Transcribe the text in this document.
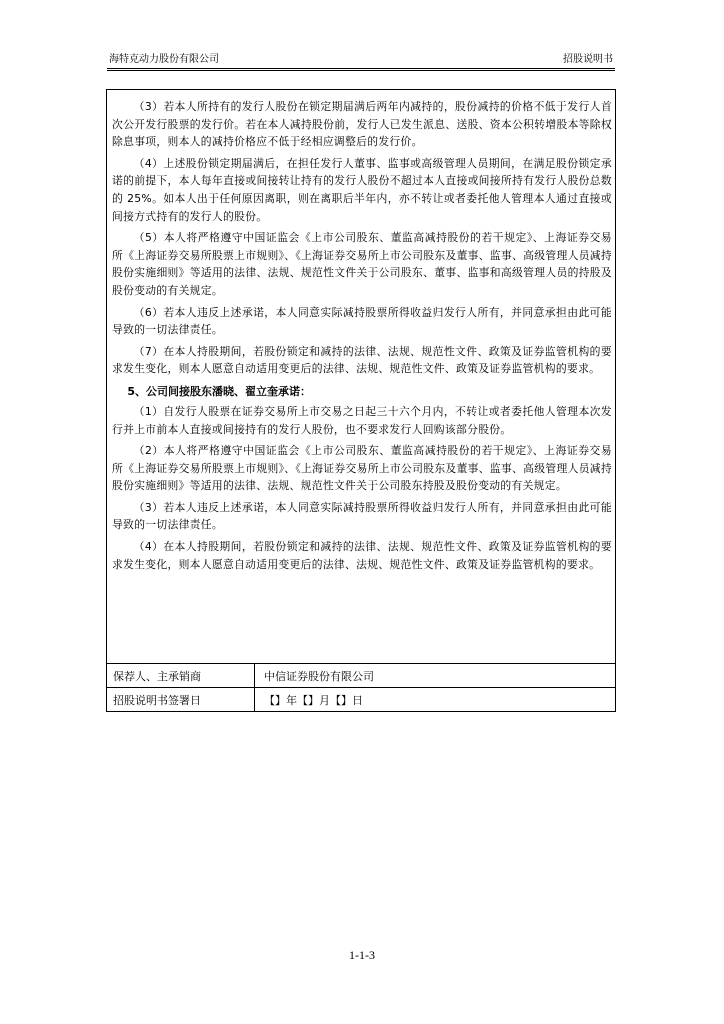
海特克动力股份有限公司	招股说明书

（3）若本人所持有的发行人股份在锁定期届满后两年内减持的，股份减持的价格不低于发行人首次公开发行股票的发行价。若在本人减持股份前，发行人已发生派息、送股、资本公积转增股本等除权除息事项，则本人的减持价格应不低于经相应调整后的发行价。

（4）上述股份锁定期届满后，在担任发行人董事、监事或高级管理人员期间，在满足股份锁定承诺的前提下，本人每年直接或间接转让持有的发行人股份不超过本人直接或间接所持有发行人股份总数的 25%。如本人出于任何原因离职，则在离职后半年内，亦不转让或者委托他人管理本人通过直接或间接方式持有的发行人的股份。

（5）本人将严格遵守中国证监会《上市公司股东、董监高减持股份的若干规定》、上海证券交易所《上海证券交易所股票上市规则》、《上海证券交易所上市公司股东及董事、监事、高级管理人员减持股份实施细则》等适用的法律、法规、规范性文件关于公司股东、董事、监事和高级管理人员的持股及股份变动的有关规定。

（6）若本人违反上述承诺，本人同意实际减持股票所得收益归发行人所有，并同意承担由此可能导致的一切法律责任。

（7）在本人持股期间，若股份锁定和减持的法律、法规、规范性文件、政策及证券监管机构的要求发生变化，则本人愿意自动适用变更后的法律、法规、规范性文件、政策及证券监管机构的要求。

5、公司间接股东潘晓、翟立奎承诺：

（1）自发行人股票在证券交易所上市交易之日起三十六个月内，不转让或者委托他人管理本次发行并上市前本人直接或间接持有的发行人股份，也不要求发行人回购该部分股份。

（2）本人将严格遵守中国证监会《上市公司股东、董监高减持股份的若干规定》、上海证券交易所《上海证券交易所股票上市规则》、《上海证券交易所上市公司股东及董事、监事、高级管理人员减持股份实施细则》等适用的法律、法规、规范性文件关于公司股东持股及股份变动的有关规定。

（3）若本人违反上述承诺，本人同意实际减持股票所得收益归发行人所有，并同意承担由此可能导致的一切法律责任。

（4）在本人持股期间，若股份锁定和减持的法律、法规、规范性文件、政策及证券监管机构的要求发生变化，则本人愿意自动适用变更后的法律、法规、规范性文件、政策及证券监管机构的要求。

保荐人、主承销商	中信证券股份有限公司
招股说明书签署日	【】年【】月【】日
1-1-3
